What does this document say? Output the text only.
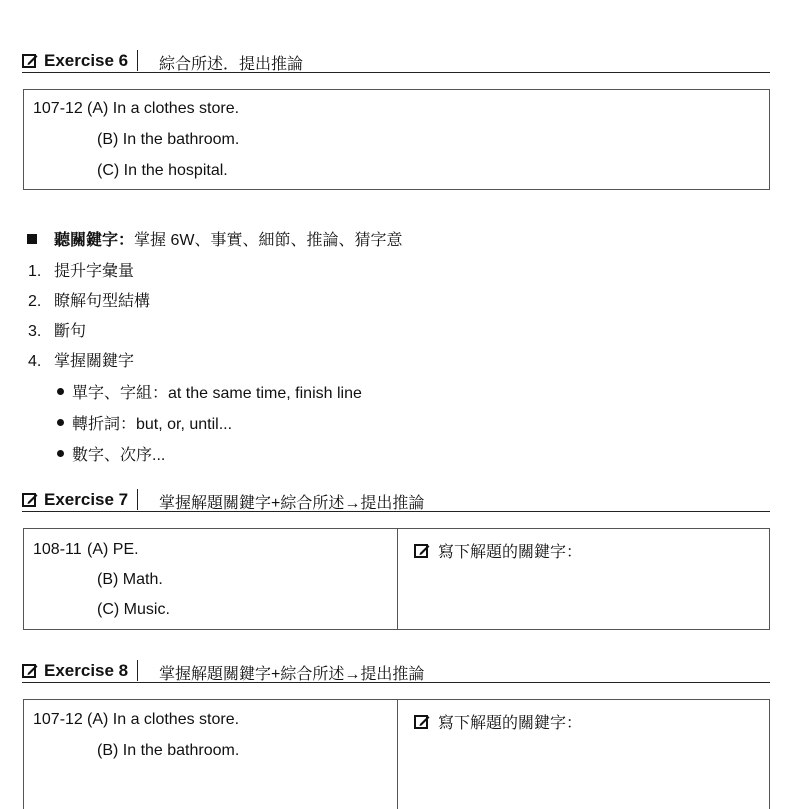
Exercise 6 綜合所述．提出推論
107-12 (A) In a clothes store.
(B) In the bathroom.
(C) In the hospital.
聽關鍵字： 掌握 6W、事實、細節、推論、猜字意
1. 提升字彙量
2. 瞭解句型結構
3. 斷句
4. 掌握關鍵字
單字、字組：at the same time, finish line
轉折詞：but, or, until...
數字、次序...
Exercise 7 掌握解題關鍵字+綜合所述→提出推論
108-11 (A) PE.
(B) Math.
(C) Music.
寫下解題的關鍵字：
Exercise 8 掌握解題關鍵字+綜合所述→提出推論
107-12 (A) In a clothes store.
(B) In the bathroom.
寫下解題的關鍵字：
